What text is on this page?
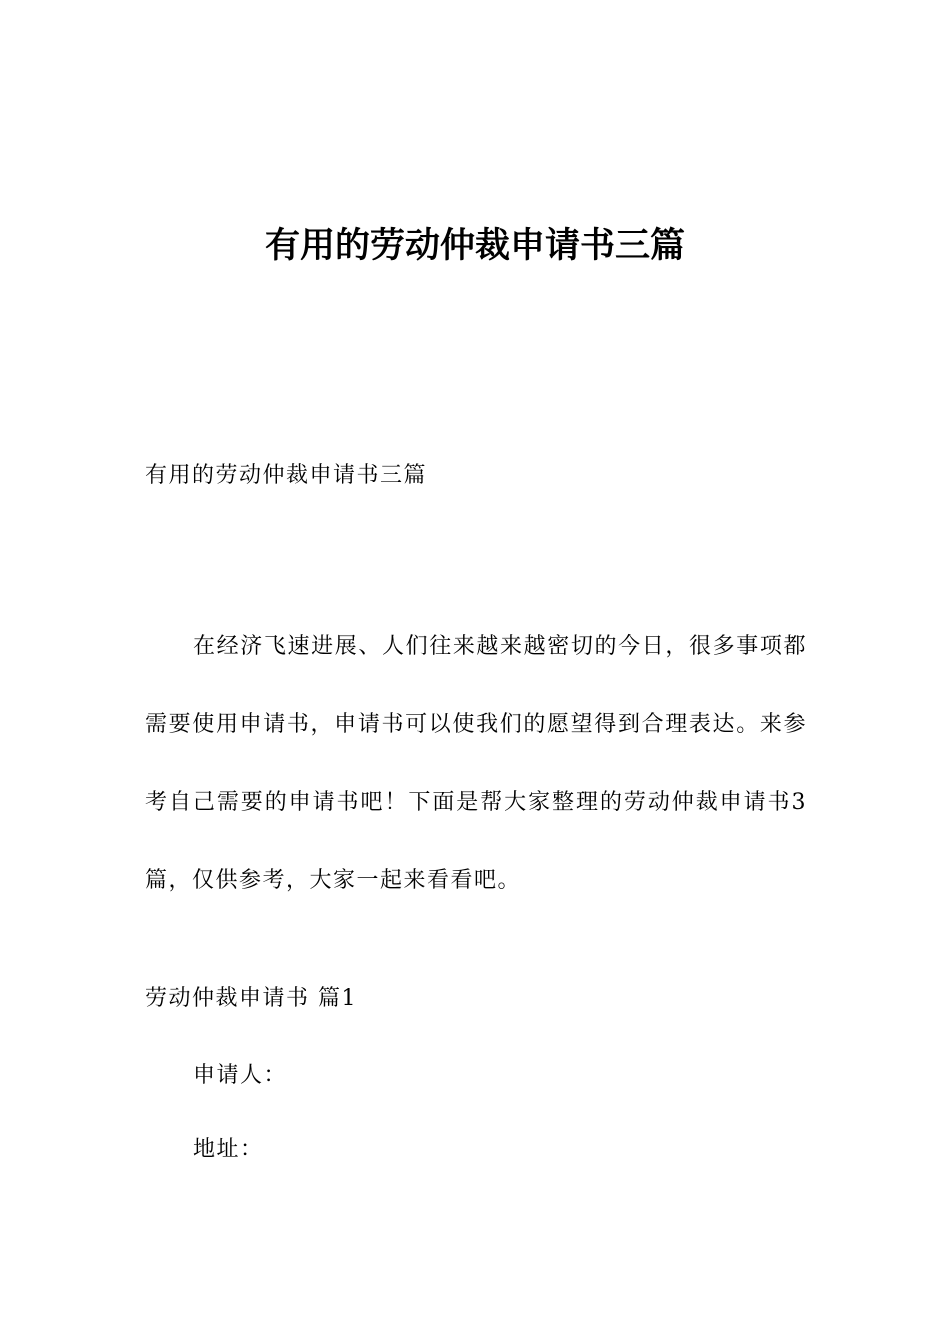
有用的劳动仲裁申请书三篇

有用的劳动仲裁申请书三篇

在经济飞速进展、人们往来越来越密切的今日，很多事项都需要使用申请书，申请书可以使我们的愿望得到合理表达。来参考自己需要的申请书吧！下面是帮大家整理的劳动仲裁申请书3篇，仅供参考，大家一起来看看吧。

劳动仲裁申请书 篇1

申请人：

地址：
